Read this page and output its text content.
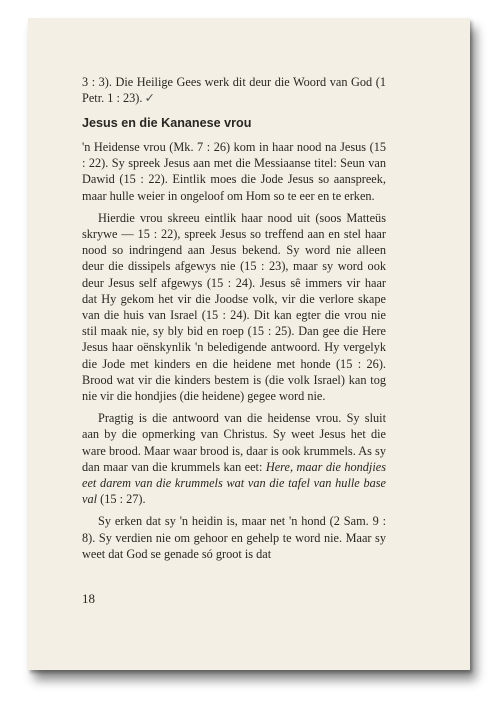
3 : 3). Die Heilige Gees werk dit deur die Woord van God (1 Petr. 1 : 23). ✓

Jesus en die Kananese vrou

'n Heidense vrou (Mk. 7 : 26) kom in haar nood na Jesus (15 : 22). Sy spreek Jesus aan met die Messiaanse titel: Seun van Dawid (15 : 22). Eintlik moes die Jode Jesus so aanspreek, maar hulle weier in ongeloof om Hom so te eer en te erken.

Hierdie vrou skreeu eintlik haar nood uit (soos Matteüs skrywe — 15 : 22), spreek Jesus so treffend aan en stel haar nood so indringend aan Jesus bekend. Sy word nie alleen deur die dissipels afgewys nie (15 : 23), maar sy word ook deur Jesus self afgewys (15 : 24). Jesus sê immers vir haar dat Hy gekom het vir die Joodse volk, vir die verlore skape van die huis van Israel (15 : 24). Dit kan egter die vrou nie stil maak nie, sy bly bid en roep (15 : 25). Dan gee die Here Jesus haar oënskynlik 'n beledigende antwoord. Hy vergelyk die Jode met kinders en die heidene met honde (15 : 26). Brood wat vir die kinders bestem is (die volk Israel) kan tog nie vir die hondjies (die heidene) gegee word nie.

Pragtig is die antwoord van die heidense vrou. Sy sluit aan by die opmerking van Christus. Sy weet Jesus het die ware brood. Maar waar brood is, daar is ook krummels. As sy dan maar van die krummels kan eet: Here, maar die hondjies eet darem van die krummels wat van die tafel van hulle base val (15 : 27).

Sy erken dat sy 'n heidin is, maar net 'n hond (2 Sam. 9 : 8). Sy verdien nie om gehoor en gehelp te word nie. Maar sy weet dat God se genade só groot is dat

18
